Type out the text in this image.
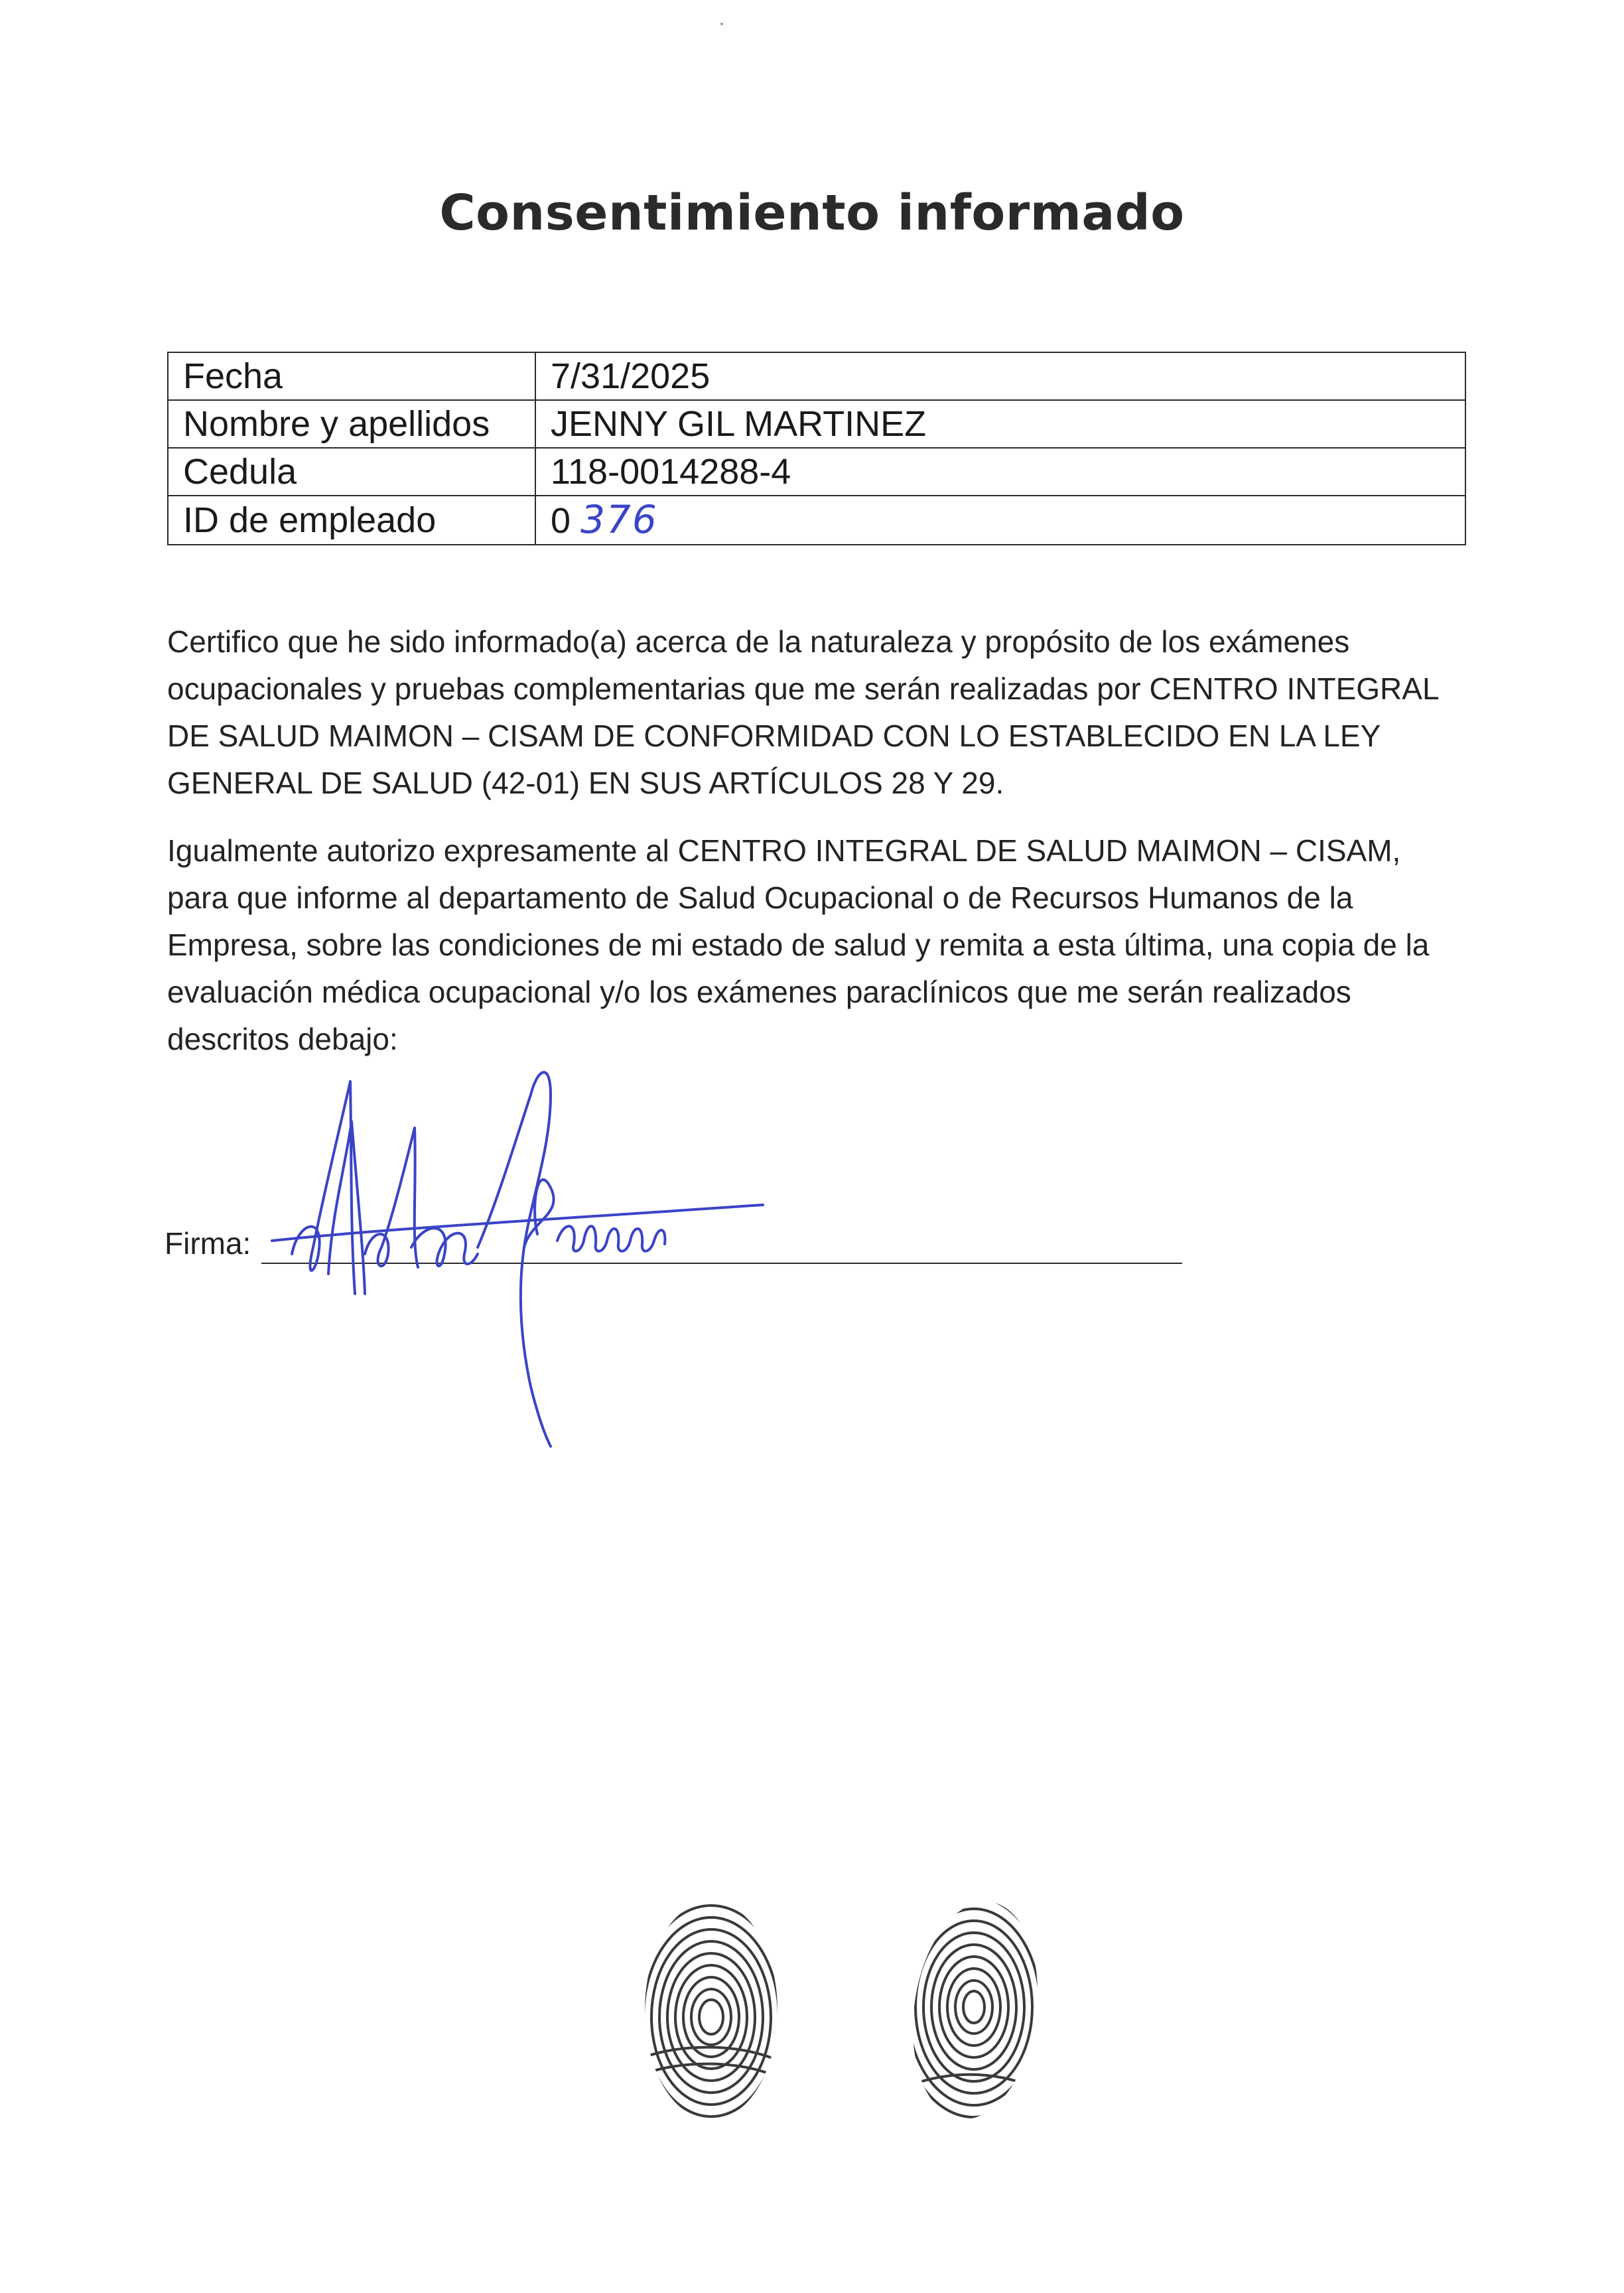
Consentimiento informado
Fecha	7/31/2025
Nombre y apellidos	JENNY GIL MARTINEZ
Cedula	118-0014288-4
ID de empleado	0 376
Certifico que he sido informado(a) acerca de la naturaleza y propósito de los exámenes ocupacionales y pruebas complementarias que me serán realizadas por CENTRO INTEGRAL DE SALUD MAIMON – CISAM DE CONFORMIDAD CON LO ESTABLECIDO EN LA LEY GENERAL DE SALUD (42-01) EN SUS ARTÍCULOS 28 Y 29.
Igualmente autorizo expresamente al CENTRO INTEGRAL DE SALUD MAIMON – CISAM, para que informe al departamento de Salud Ocupacional o de Recursos Humanos de la Empresa, sobre las condiciones de mi estado de salud y remita a esta última, una copia de la evaluación médica ocupacional y/o los exámenes paraclínicos que me serán realizados descritos debajo:
Firma:
